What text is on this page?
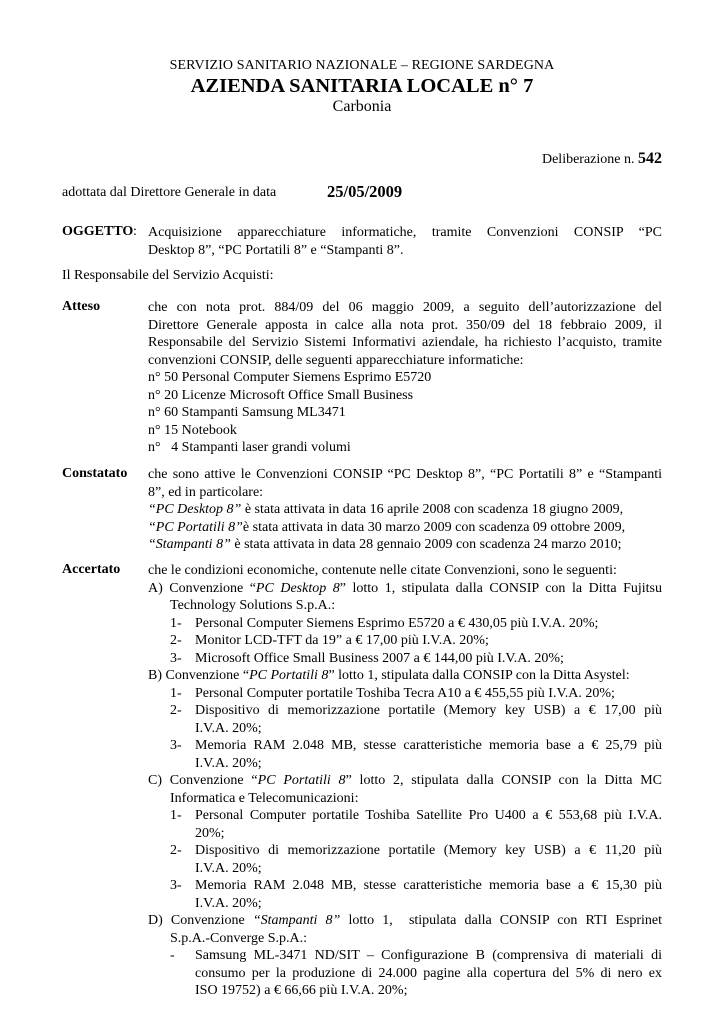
SERVIZIO SANITARIO NAZIONALE – REGIONE SARDEGNA
AZIENDA SANITARIA LOCALE n° 7
Carbonia
Deliberazione n. 542
adottata dal Direttore Generale in data	25/05/2009
OGGETTO : Acquisizione apparecchiature informatiche, tramite Convenzioni CONSIP “PC
Desktop 8”, “PC Portatili 8” e “Stampanti 8”.
Il Responsabile del Servizio Acquisti:
Atteso	che con nota prot. 884/09 del 06 maggio 2009, a seguito dell’autorizzazione del
Direttore Generale apposta in calce alla nota prot. 350/09 del 18 febbraio 2009, il
Responsabile del Servizio Sistemi Informativi aziendale, ha richiesto l’acquisto, tramite
convenzioni CONSIP, delle seguenti apparecchiature informatiche:
n° 50 Personal Computer Siemens Esprimo E5720
n° 20 Licenze Microsoft Office Small Business
n° 60 Stampanti Samsung ML3471
n° 15 Notebook
n°   4 Stampanti laser grandi volumi
Constatato che sono attive le Convenzioni CONSIP “PC Desktop 8”, “PC Portatili 8” e “Stampanti
8”, ed in particolare:
“PC Desktop 8” è stata attivata in data 16 aprile 2008 con scadenza 18 giugno 2009,
“PC Portatili 8”è stata attivata in data 30 marzo 2009 con scadenza 09 ottobre 2009,
“Stampanti 8” è stata attivata in data 28 gennaio 2009 con scadenza 24 marzo 2010;
Accertato che le condizioni economiche, contenute nelle citate Convenzioni, sono le seguenti:
A) Convenzione “PC Desktop 8” lotto 1, stipulata dalla CONSIP con la Ditta Fujitsu
Technology Solutions S.p.A.:
1- Personal Computer Siemens Esprimo E5720 a € 430,05 più I.V.A. 20%;
2- Monitor LCD-TFT da 19” a € 17,00 più I.V.A. 20%;
3- Microsoft Office Small Business 2007 a € 144,00 più I.V.A. 20%;
B) Convenzione “PC Portatili 8” lotto 1, stipulata dalla CONSIP con la Ditta Asystel:
1- Personal Computer portatile Toshiba Tecra A10 a € 455,55 più I.V.A. 20%;
2- Dispositivo di memorizzazione portatile (Memory key USB) a € 17,00 più
I.V.A. 20%;
3- Memoria RAM 2.048 MB, stesse caratteristiche memoria base a € 25,79 più
I.V.A. 20%;
C) Convenzione “PC Portatili 8” lotto 2, stipulata dalla CONSIP con la Ditta MC
Informatica e Telecomunicazioni:
1- Personal Computer portatile Toshiba Satellite Pro U400 a € 553,68 più I.V.A.
20%;
2- Dispositivo di memorizzazione portatile (Memory key USB) a € 11,20 più
I.V.A. 20%;
3- Memoria RAM 2.048 MB, stesse caratteristiche memoria base a € 15,30 più
I.V.A. 20%;
D) Convenzione “Stampanti 8” lotto 1,  stipulata dalla CONSIP con RTI Esprinet
S.p.A.-Converge S.p.A.:
- Samsung ML-3471 ND/SIT – Configurazione B (comprensiva di materiali di
consumo per la produzione di 24.000 pagine alla copertura del 5% di nero ex
ISO 19752) a € 66,66 più I.V.A. 20%;
